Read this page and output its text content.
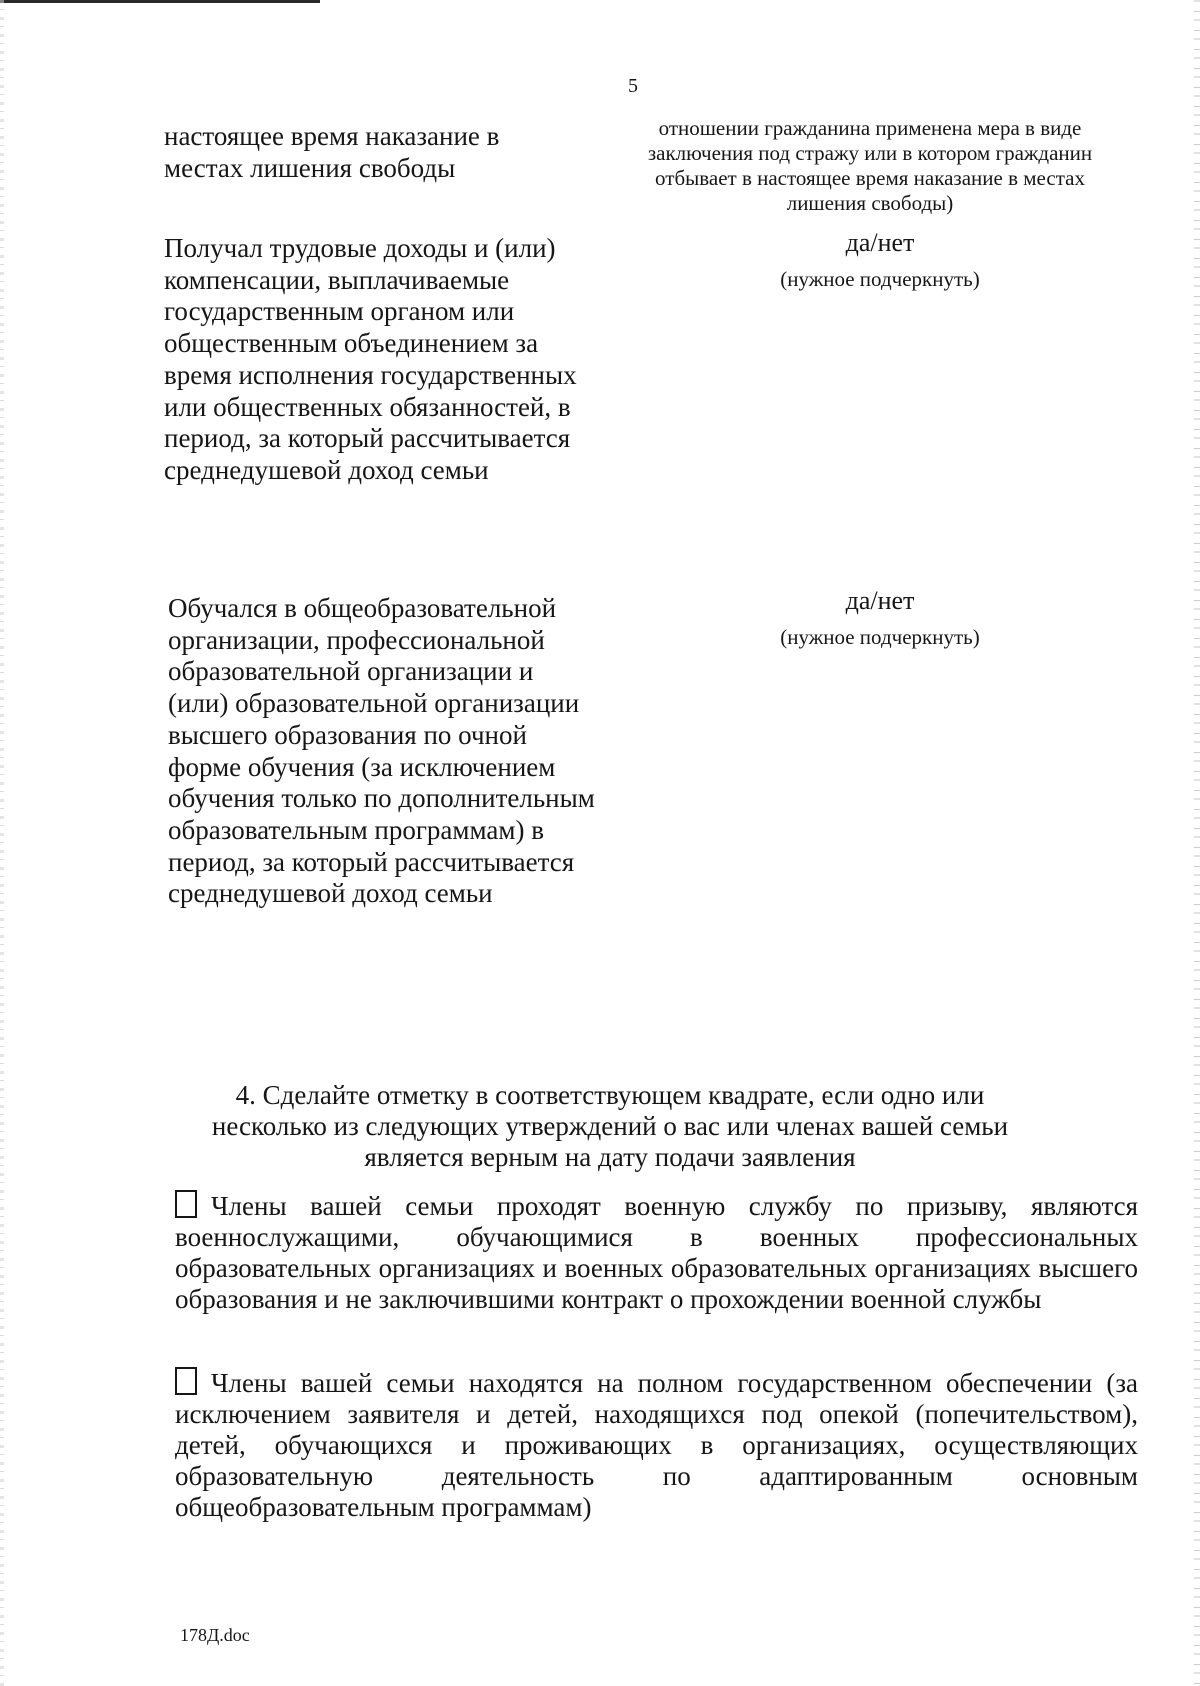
5
настоящее время наказание в местах лишения свободы
отношении гражданина применена мера в виде заключения под стражу или в котором гражданин отбывает в настоящее время наказание в местах лишения свободы)
Получал трудовые доходы и (или) компенсации, выплачиваемые государственным органом или общественным объединением за время исполнения государственных или общественных обязанностей, в период, за который рассчитывается среднедушевой доход семьи
да/нет
(нужное подчеркнуть)
Обучался в общеобразовательной организации, профессиональной образовательной организации и (или) образовательной организации высшего образования по очной форме обучения (за исключением обучения только по дополнительным образовательным программам) в период, за который рассчитывается среднедушевой доход семьи
да/нет
(нужное подчеркнуть)
4. Сделайте отметку в соответствующем квадрате, если одно или несколько из следующих утверждений о вас или членах вашей семьи является верным на дату подачи заявления
Члены вашей семьи проходят военную службу по призыву, являются военнослужащими, обучающимися в военных профессиональных образовательных организациях и военных образовательных организациях высшего образования и не заключившими контракт о прохождении военной службы
Члены вашей семьи находятся на полном государственном обеспечении (за исключением заявителя и детей, находящихся под опекой (попечительством), детей, обучающихся и проживающих в организациях, осуществляющих образовательную деятельность по адаптированным основным общеобразовательным программам)
178Д.doc
